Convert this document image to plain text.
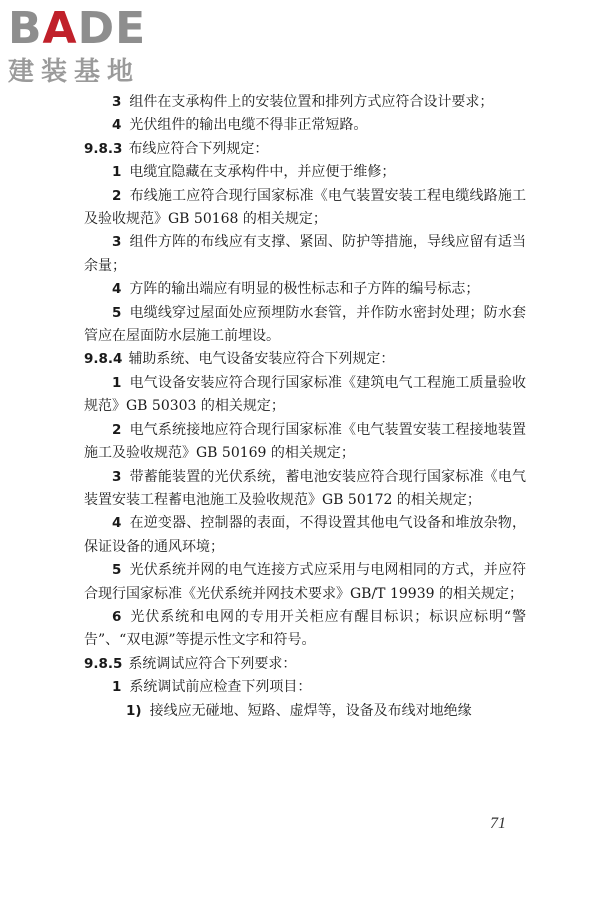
BADE
建装基地

3 组件在支承构件上的安装位置和排列方式应符合设计要求；

4 光伏组件的输出电缆不得非正常短路。

9.8.3 布线应符合下列规定：

1 电缆宜隐藏在支承构件中，并应便于维修；

2 布线施工应符合现行国家标准《电气装置安装工程电缆线路施工及验收规范》GB 50168 的相关规定；

3 组件方阵的布线应有支撑、紧固、防护等措施，导线应留有适当余量；

4 方阵的输出端应有明显的极性标志和子方阵的编号标志；

5 电缆线穿过屋面处应预埋防水套管，并作防水密封处理；防水套管应在屋面防水层施工前埋设。

9.8.4 辅助系统、电气设备安装应符合下列规定：

1 电气设备安装应符合现行国家标准《建筑电气工程施工质量验收规范》GB 50303 的相关规定；

2 电气系统接地应符合现行国家标准《电气装置安装工程接地装置施工及验收规范》GB 50169 的相关规定；

3 带蓄能装置的光伏系统，蓄电池安装应符合现行国家标准《电气装置安装工程蓄电池施工及验收规范》GB 50172 的相关规定；

4 在逆变器、控制器的表面，不得设置其他电气设备和堆放杂物，保证设备的通风环境；

5 光伏系统并网的电气连接方式应采用与电网相同的方式，并应符合现行国家标准《光伏系统并网技术要求》GB/T 19939 的相关规定；

6 光伏系统和电网的专用开关柜应有醒目标识；标识应标明“警告”、“双电源”等提示性文字和符号。

9.8.5 系统调试应符合下列要求：

1 系统调试前应检查下列项目：

1) 接线应无碰地、短路、虚焊等，设备及布线对地绝缘

71
